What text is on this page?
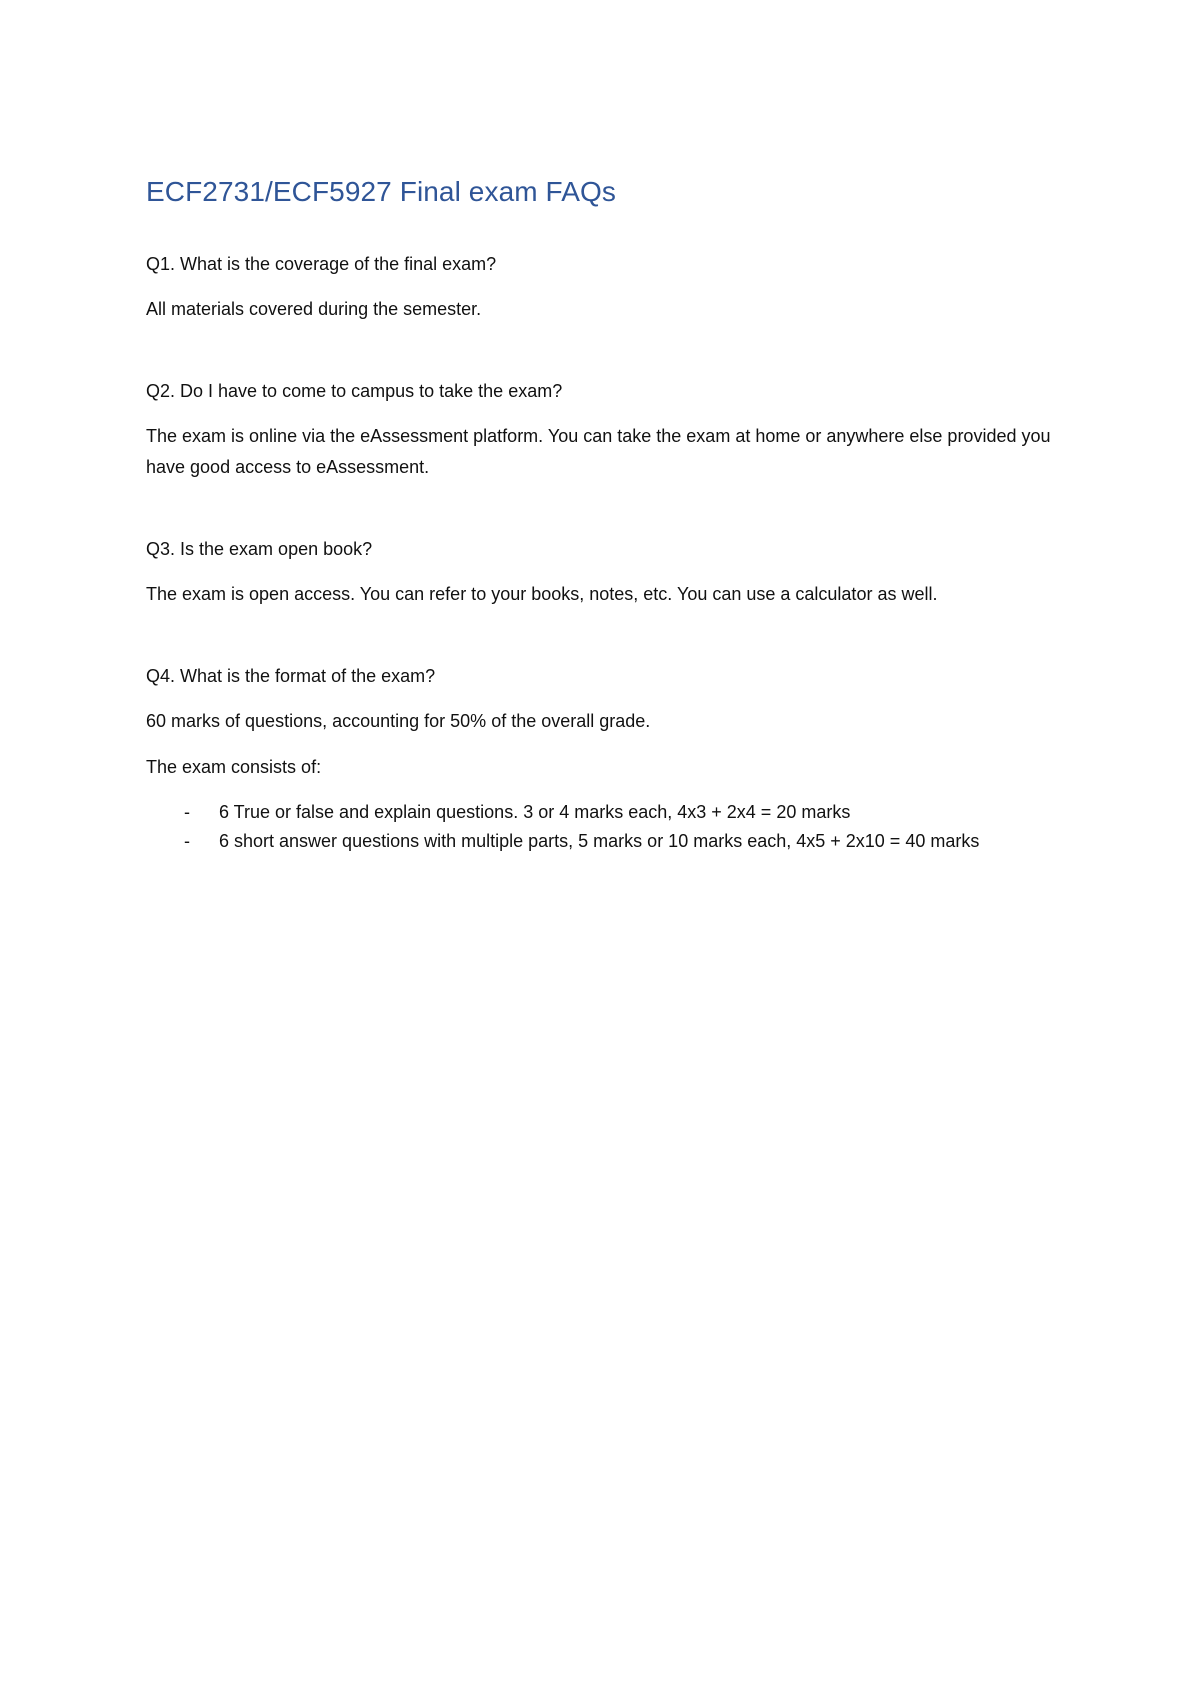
ECF2731/ECF5927 Final exam FAQs

Q1. What is the coverage of the final exam?

All materials covered during the semester.

Q2. Do I have to come to campus to take the exam?

The exam is online via the eAssessment platform. You can take the exam at home or anywhere else provided you have good access to eAssessment.

Q3. Is the exam open book?

The exam is open access. You can refer to your books, notes, etc. You can use a calculator as well.

Q4. What is the format of the exam?

60 marks of questions, accounting for 50% of the overall grade.

The exam consists of:

- 6 True or false and explain questions. 3 or 4 marks each, 4x3 + 2x4 = 20 marks
- 6 short answer questions with multiple parts, 5 marks or 10 marks each, 4x5 + 2x10 = 40 marks
